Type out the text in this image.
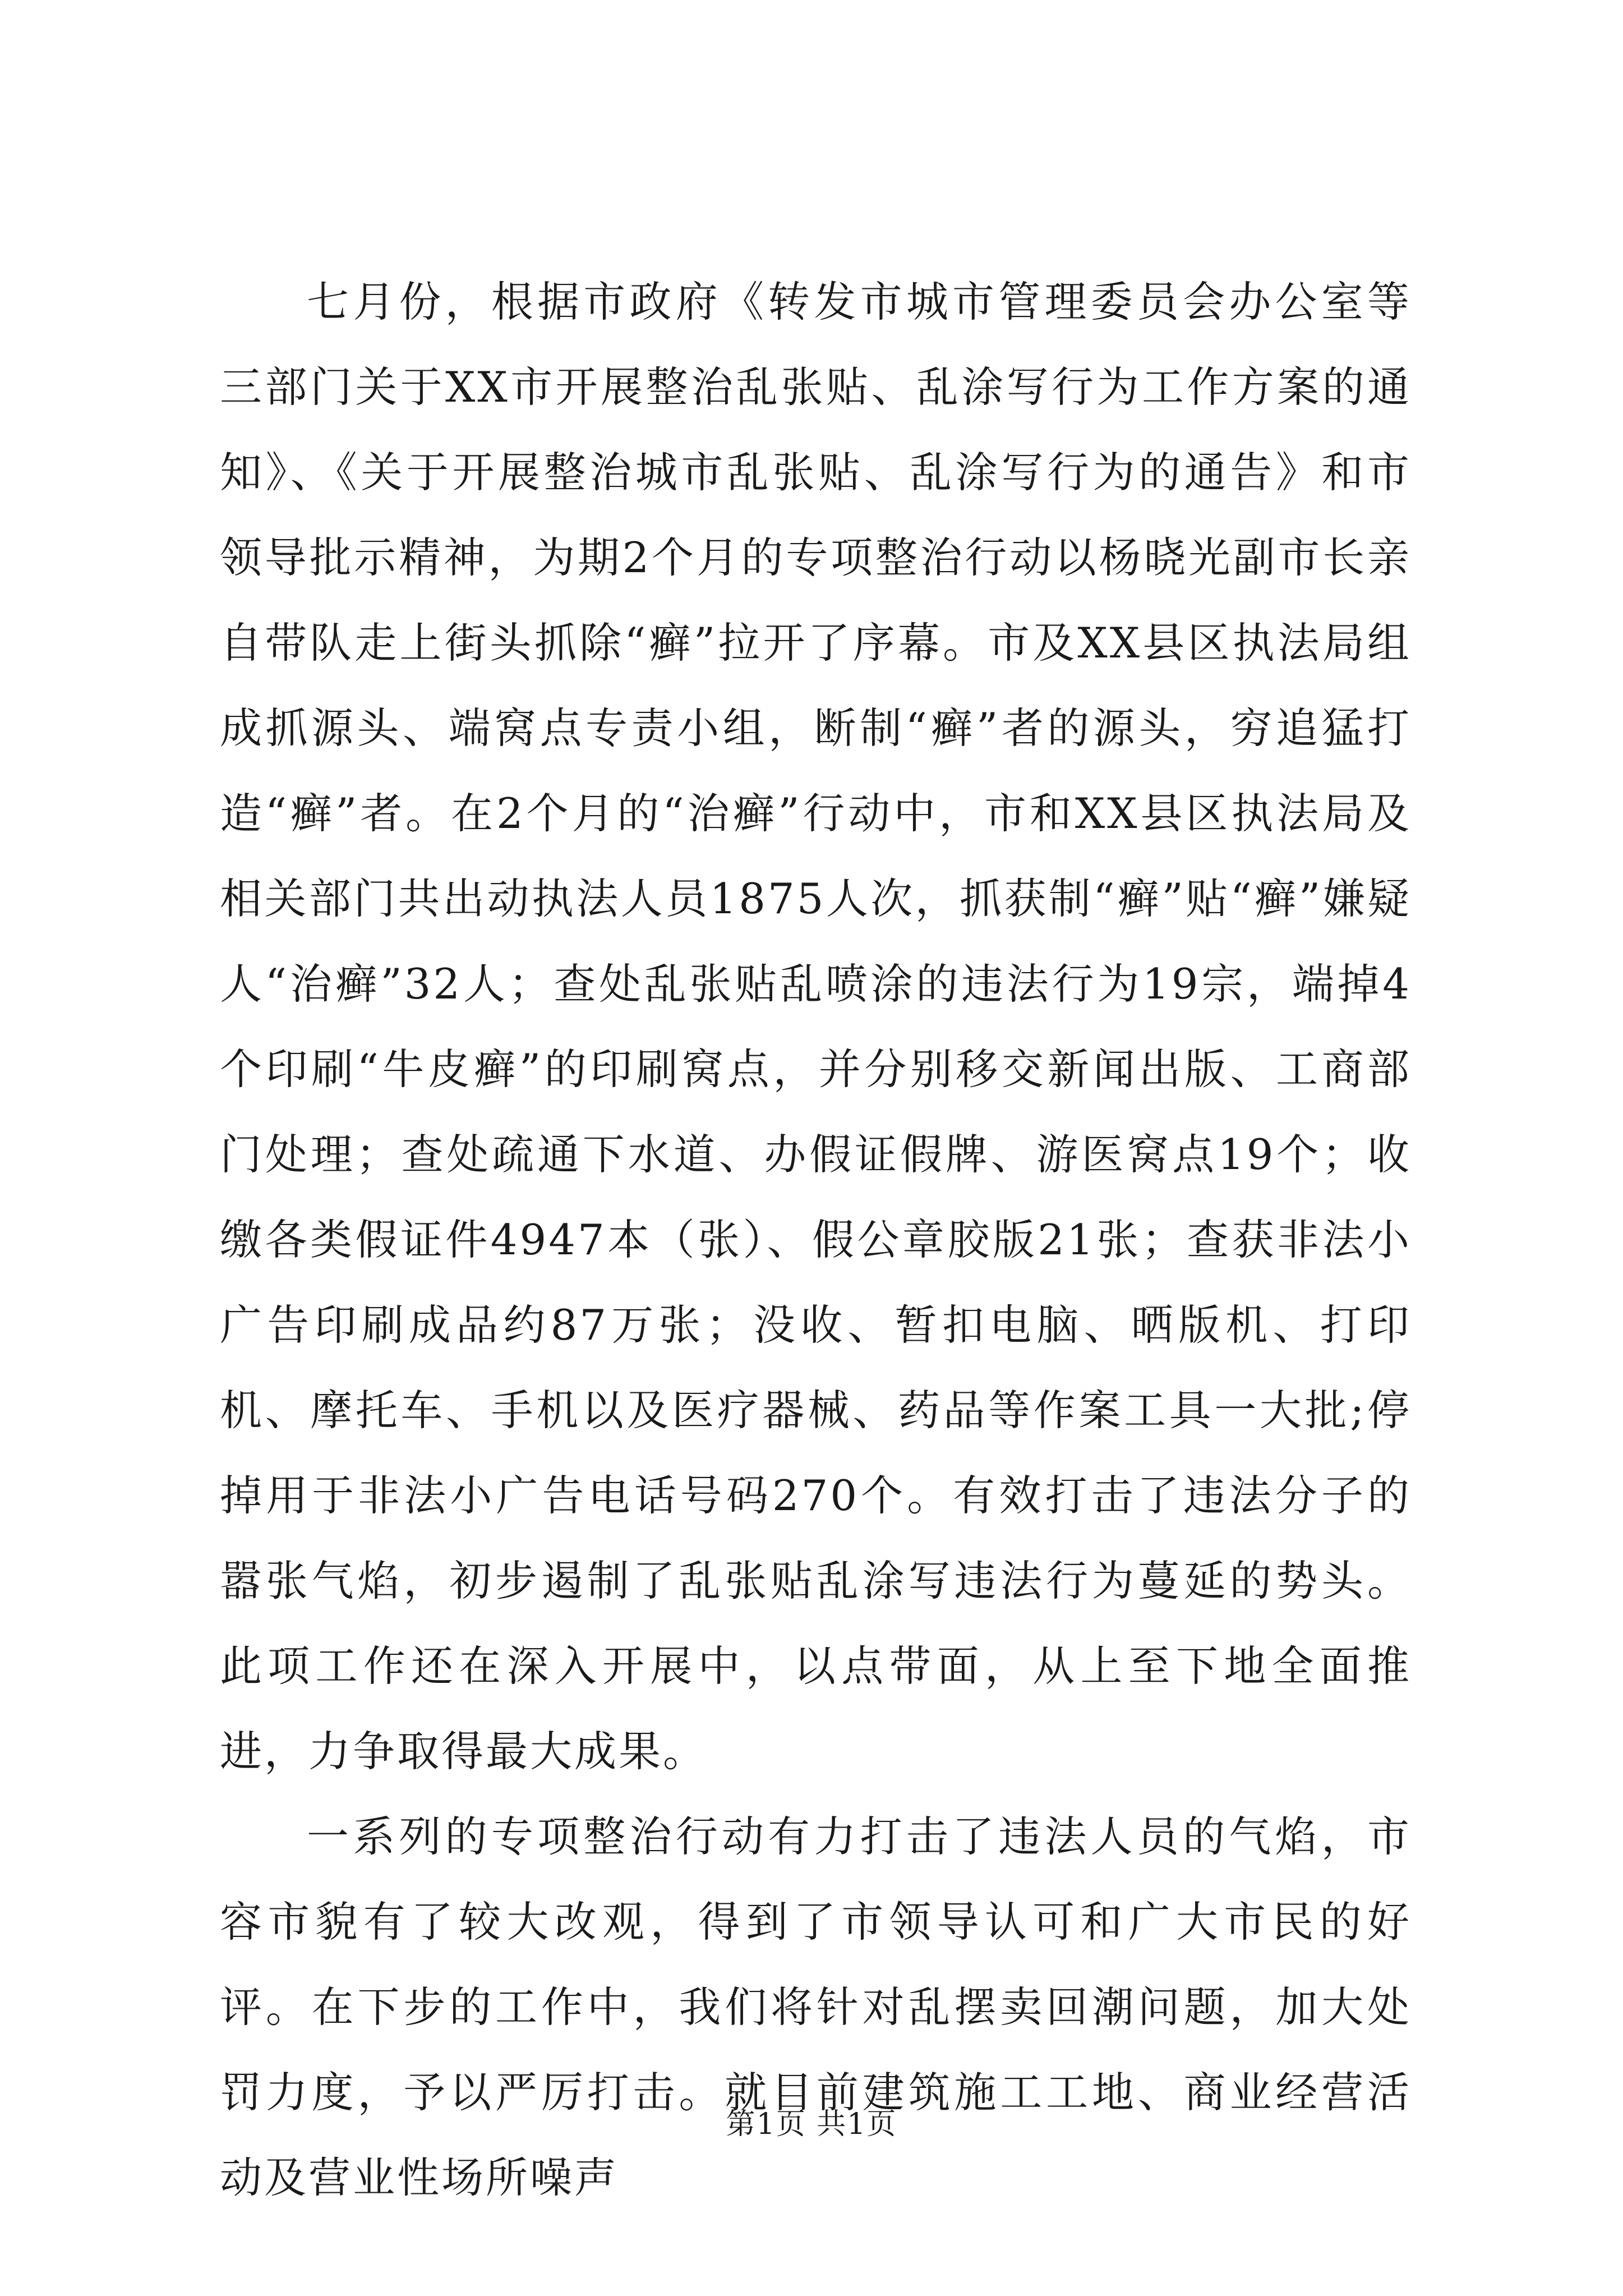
七月份，根据市政府《转发市城市管理委员会办公室等三部门关于XX市开展整治乱张贴、乱涂写行为工作方案的通知》、《关于开展整治城市乱张贴、乱涂写行为的通告》和市领导批示精神，为期2个月的专项整治行动以杨晓光副市长亲自带队走上街头抓除“癣”拉开了序幕。市及XX县区执法局组成抓源头、端窝点专责小组，断制“癣”者的源头，穷追猛打造“癣”者。在2个月的“治癣”行动中，市和XX县区执法局及相关部门共出动执法人员1875人次，抓获制“癣”贴“癣”嫌疑人“治癣”32人；查处乱张贴乱喷涂的违法行为19宗，端掉4个印刷“牛皮癣”的印刷窝点，并分别移交新闻出版、工商部门处理；查处疏通下水道、办假证假牌、游医窝点19个；收缴各类假证件4947本（张）、假公章胶版21张；查获非法小广告印刷成品约87万张；没收、暂扣电脑、晒版机、打印机、摩托车、手机以及医疗器械、药品等作案工具一大批;停掉用于非法小广告电话号码270个。有效打击了违法分子的嚣张气焰，初步遏制了乱张贴乱涂写违法行为蔓延的势头。此项工作还在深入开展中，以点带面，从上至下地全面推进，力争取得最大成果。

一系列的专项整治行动有力打击了违法人员的气焰，市容市貌有了较大改观，得到了市领导认可和广大市民的好评。在下步的工作中，我们将针对乱摆卖回潮问题，加大处罚力度，予以严厉打击。就目前建筑施工工地、商业经营活动及营业性场所噪声

第1页 共1页
